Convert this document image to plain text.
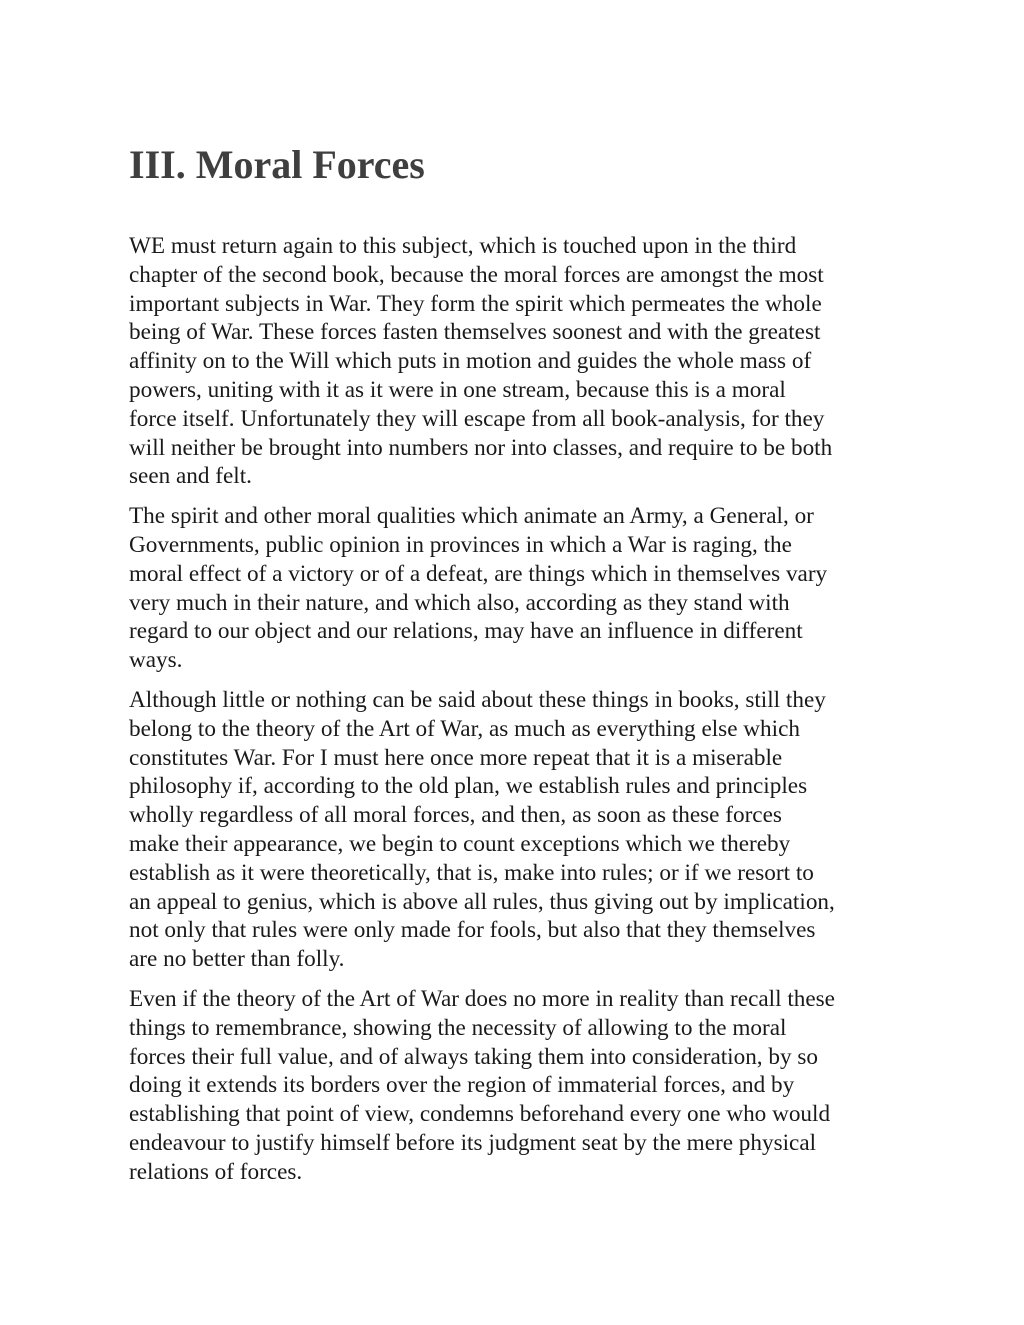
III. Moral Forces

WE must return again to this subject, which is touched upon in the third
chapter of the second book, because the moral forces are amongst the most
important subjects in War. They form the spirit which permeates the whole
being of War. These forces fasten themselves soonest and with the greatest
affinity on to the Will which puts in motion and guides the whole mass of
powers, uniting with it as it were in one stream, because this is a moral
force itself. Unfortunately they will escape from all book-analysis, for they
will neither be brought into numbers nor into classes, and require to be both
seen and felt.

The spirit and other moral qualities which animate an Army, a General, or
Governments, public opinion in provinces in which a War is raging, the
moral effect of a victory or of a defeat, are things which in themselves vary
very much in their nature, and which also, according as they stand with
regard to our object and our relations, may have an influence in different
ways.

Although little or nothing can be said about these things in books, still they
belong to the theory of the Art of War, as much as everything else which
constitutes War. For I must here once more repeat that it is a miserable
philosophy if, according to the old plan, we establish rules and principles
wholly regardless of all moral forces, and then, as soon as these forces
make their appearance, we begin to count exceptions which we thereby
establish as it were theoretically, that is, make into rules; or if we resort to
an appeal to genius, which is above all rules, thus giving out by implication,
not only that rules were only made for fools, but also that they themselves
are no better than folly.

Even if the theory of the Art of War does no more in reality than recall these
things to remembrance, showing the necessity of allowing to the moral
forces their full value, and of always taking them into consideration, by so
doing it extends its borders over the region of immaterial forces, and by
establishing that point of view, condemns beforehand every one who would
endeavour to justify himself before its judgment seat by the mere physical
relations of forces.
